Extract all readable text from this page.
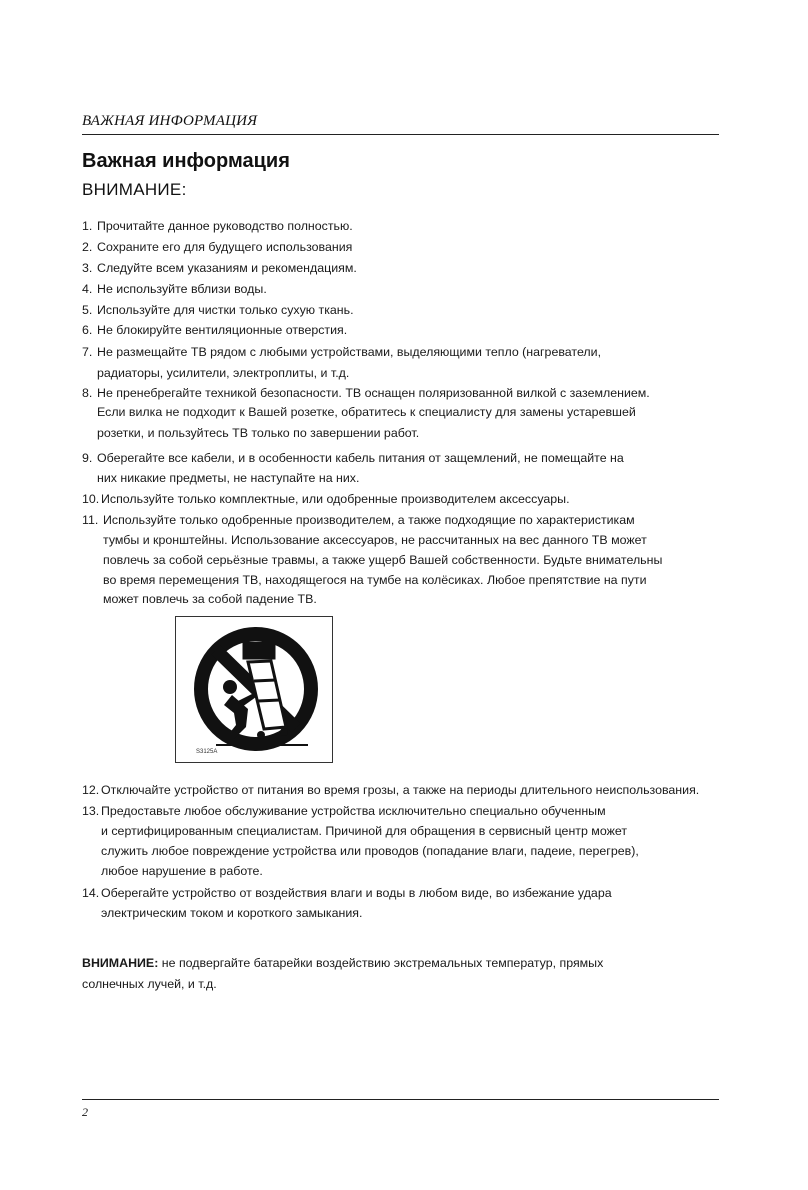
ВАЖНАЯ ИНФОРМАЦИЯ
Важная информация
ВНИМАНИЕ:
1. Прочитайте данное руководство полностью.
2. Сохраните его для будущего использования
3. Следуйте всем указаниям и рекомендациям.
4. Не используйте вблизи воды.
5. Используйте для чистки только сухую ткань.
6. Не блокируйте вентиляционные отверстия.
7. Не размещайте ТВ рядом с любыми устройствами, выделяющими тепло (нагреватели,
радиаторы, усилители, электроплиты, и т.д.
8. Не пренебрегайте техникой безопасности. ТВ оснащен поляризованной вилкой с заземлением.
Если вилка не подходит к Вашей розетке, обратитесь к специалисту для замены устаревшей
розетки, и пользуйтесь ТВ только по завершении работ.
9. Оберегайте все кабели, и в особенности кабель питания от защемлений, не помещайте на
них никакие предметы, не наступайте на них.
10. Используйте только комплектные, или одобренные производителем аксессуары.
11. Используйте только одобренные производителем, а также подходящие по характеристикам
тумбы и кронштейны. Использование аксессуаров, не рассчитанных на вес данного ТВ может
повлечь за собой серьёзные травмы, а также ущерб Вашей собственности. Будьте внимательны
во время перемещения ТВ, находящегося на тумбе на колёсиках. Любое препятствие на пути
может повлечь за собой падение ТВ.
S3125A
12. Отключайте устройство от питания во время грозы, а также на периоды длительного неиспользования.
13. Предоставьте любое обслуживание устройства исключительно специально обученным
и сертифицированным специалистам. Причиной для обращения в сервисный центр может
служить любое повреждение устройства или проводов (попадание влаги, падеие, перегрев),
любое нарушение в работе.
14. Оберегайте устройство от воздействия влаги и воды в любом виде, во избежание удара
электрическим током и короткого замыкания.
ВНИМАНИЕ: не подвергайте батарейки воздействию экстремальных температур, прямых
солнечных лучей, и т.д.
2
